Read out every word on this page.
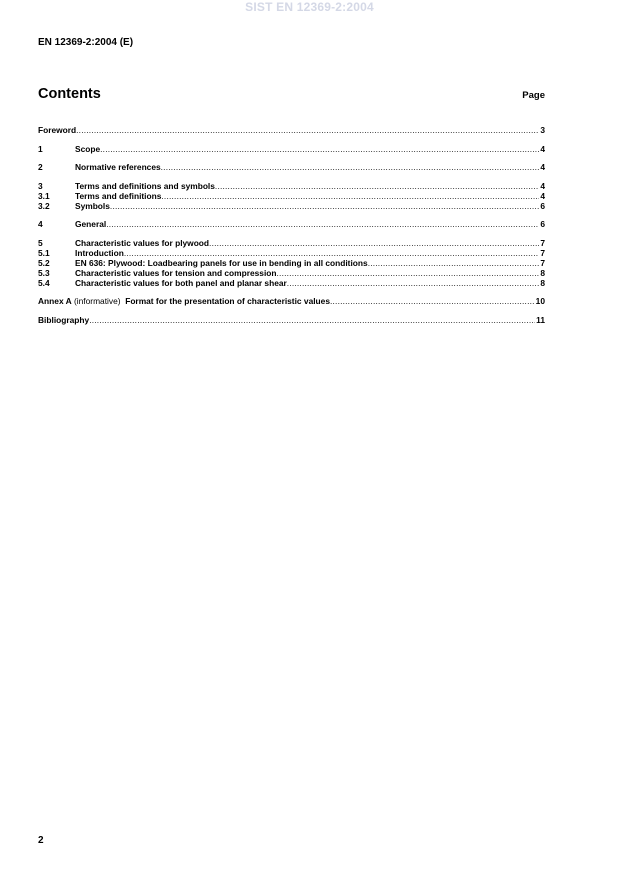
SIST EN 12369-2:2004
EN 12369-2:2004 (E)
Contents	Page
Foreword .....	3
1	Scope .....	4
2	Normative references .....	4
3	Terms and definitions and symbols .....	4
3.1	Terms and definitions .....	4
3.2	Symbols .....	6
4	General .....	6
5	Characteristic values for plywood .....	7
5.1	Introduction .....	7
5.2	EN 636: Plywood: Loadbearing panels for use in bending in all conditions .....	7
5.3	Characteristic values for tension and compression .....	8
5.4	Characteristic values for both panel and planar shear .....	8
Annex A (informative)  Format for the presentation of characteristic values .....	10
Bibliography .....	11
2
